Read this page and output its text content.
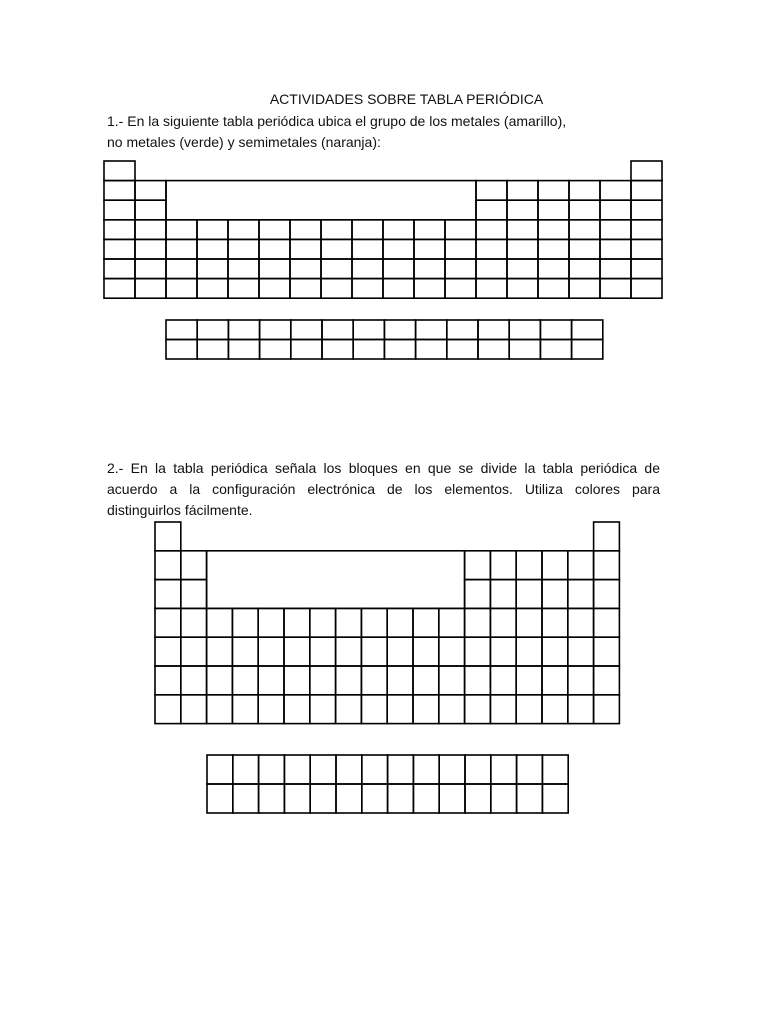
ACTIVIDADES SOBRE TABLA PERIÓDICA
1.- En la siguiente tabla periódica ubica el grupo de los metales (amarillo),
no metales (verde) y semimetales (naranja):
2.- En la tabla periódica señala los bloques en que se divide la tabla periódica de
acuerdo a la configuración electrónica de los elementos. Utiliza colores para
distinguirlos fácilmente.
